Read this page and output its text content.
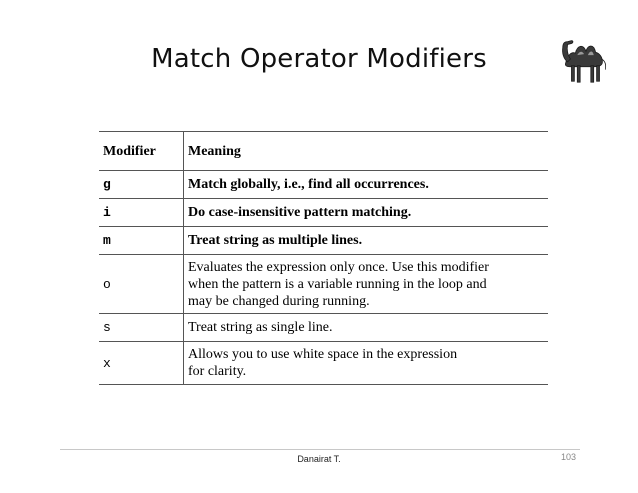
Match Operator Modifiers
Modifier	Meaning
g	Match globally, i.e., find all occurrences.
i	Do case-insensitive pattern matching.
m	Treat string as multiple lines.
o	Evaluates the expression only once. Use this modifier
when the pattern is a variable running in the loop and
may be changed during running.

s	Treat string as single line.
x	Allows you to use white space in the expression
for clarity.
Danairat T.	103
